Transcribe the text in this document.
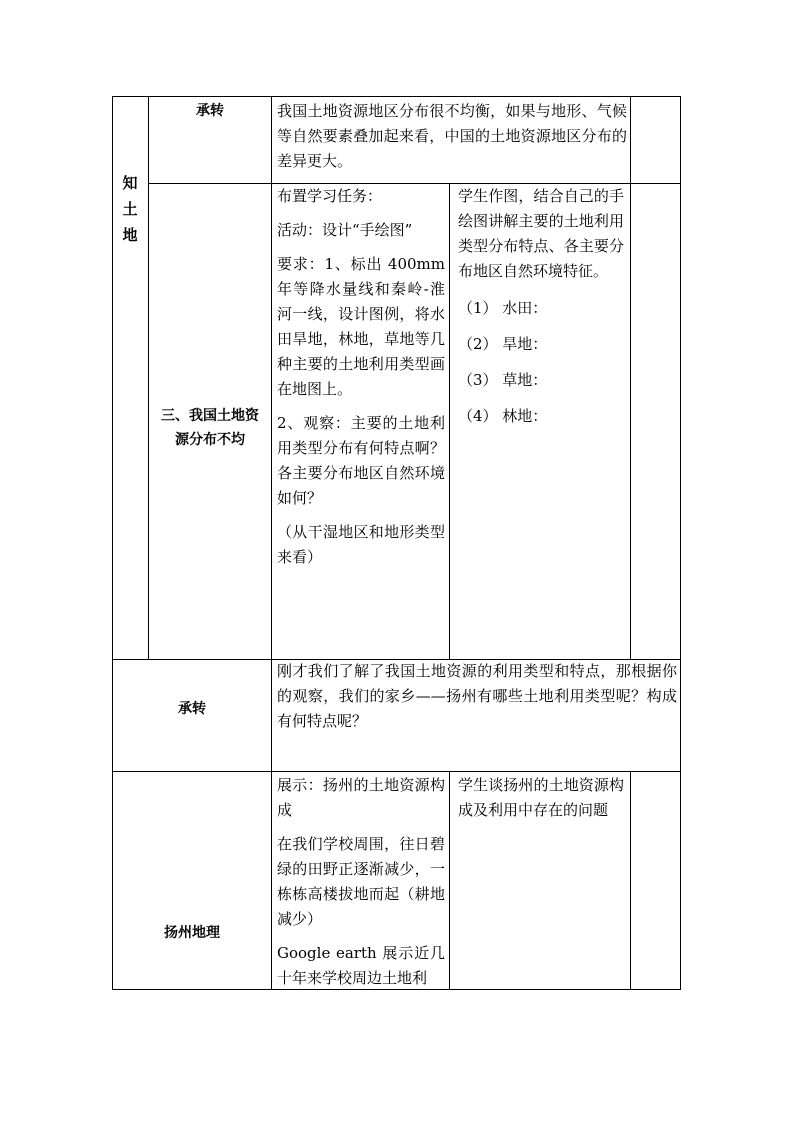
知
土
地
承转	我国土地资源地区分布很不均衡，如果与地形、气候等自然要素叠加起来看，中国的土地资源地区分布的差异更大。
三、我国土地资源分布不均

布置学习任务：

活动：设计“手绘图”

要求：1、标出 400mm 年等降水量线和秦岭-淮河一线，设计图例，将水田旱地，林地，草地等几种主要的土地利用类型画在地图上。

2、观察：主要的土地利用类型分布有何特点啊？各主要分布地区自然环境如何？

（从干湿地区和地形类型来看）

学生作图，结合自己的手绘图讲解主要的土地利用类型分布特点、各主要分布地区自然环境特征。

（1） 水田：

（2） 旱地：

（3） 草地：

（4） 林地：

承转
刚才我们了解了我国土地资源的利用类型和特点，那根据你的观察，我们的家乡——扬州有哪些土地利用类型呢？构成有何特点呢？
扬州地理

展示：扬州的土地资源构成

在我们学校周围，往日碧绿的田野正逐渐减少，一栋栋高楼拔地而起（耕地减少）

Google earth 展示近几十年来学校周边土地利

学生谈扬州的土地资源构成及利用中存在的问题
